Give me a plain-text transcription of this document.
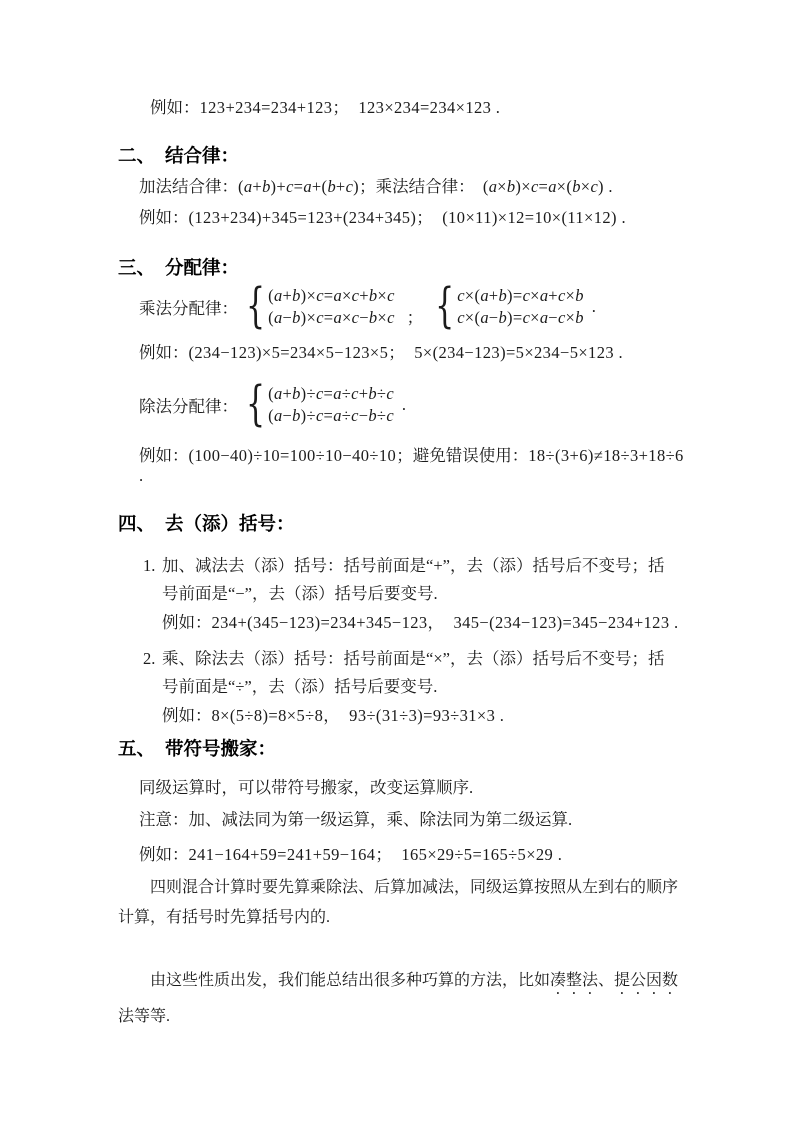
例如：123+234=234+123；  123×234=234×123 .

二、 结合律：

加法结合律：(a+b)+c=a+(b+c)；乘法结合律：  (a×b)×c=a×(b×c) .

例如：(123+234)+345=123+(234+345)；  (10×11)×12=10×(11×12) .

三、 分配律：

乘法分配律： { (a+b)×c=a×c+b×c
(a−b)×c=a×c−b×c ； { c×(a+b)=c×a+c×b
c×(a−b)=c×a−c×b
.

例如：(234−123)×5=234×5−123×5；  5×(234−123)=5×234−5×123 .

除法分配律： { (a+b)÷c=a÷c+b÷c
(a−b)÷c=a÷c−b÷c
.

例如：(100−40)÷10=100÷10−40÷10；避免错误使用：18÷(3+6)≠18÷3+18÷6 .

四、 去（添）括号：

1. 加、减法去（添）括号：括号前面是“+”，去（添）括号后不变号；括号前面是“−”，去（添）括号后要变号.

例如：234+(345−123)=234+345−123，  345−(234−123)=345−234+123 .

2. 乘、除法去（添）括号：括号前面是“×”，去（添）括号后不变号；括号前面是“÷”，去（添）括号后要变号.

例如：8×(5÷8)=8×5÷8，  93÷(31÷3)=93÷31×3 .

五、 带符号搬家：

同级运算时，可以带符号搬家，改变运算顺序.

注意：加、减法同为第一级运算，乘、除法同为第二级运算.

例如：241−164+59=241+59−164；  165×29÷5=165÷5×29 .

四则混合计算时要先算乘除法、后算加减法，同级运算按照从左到右的顺序计算，有括号时先算括号内的.

由这些性质出发，我们能总结出很多种巧算的方法，比如凑整法、提公因数法等等.
